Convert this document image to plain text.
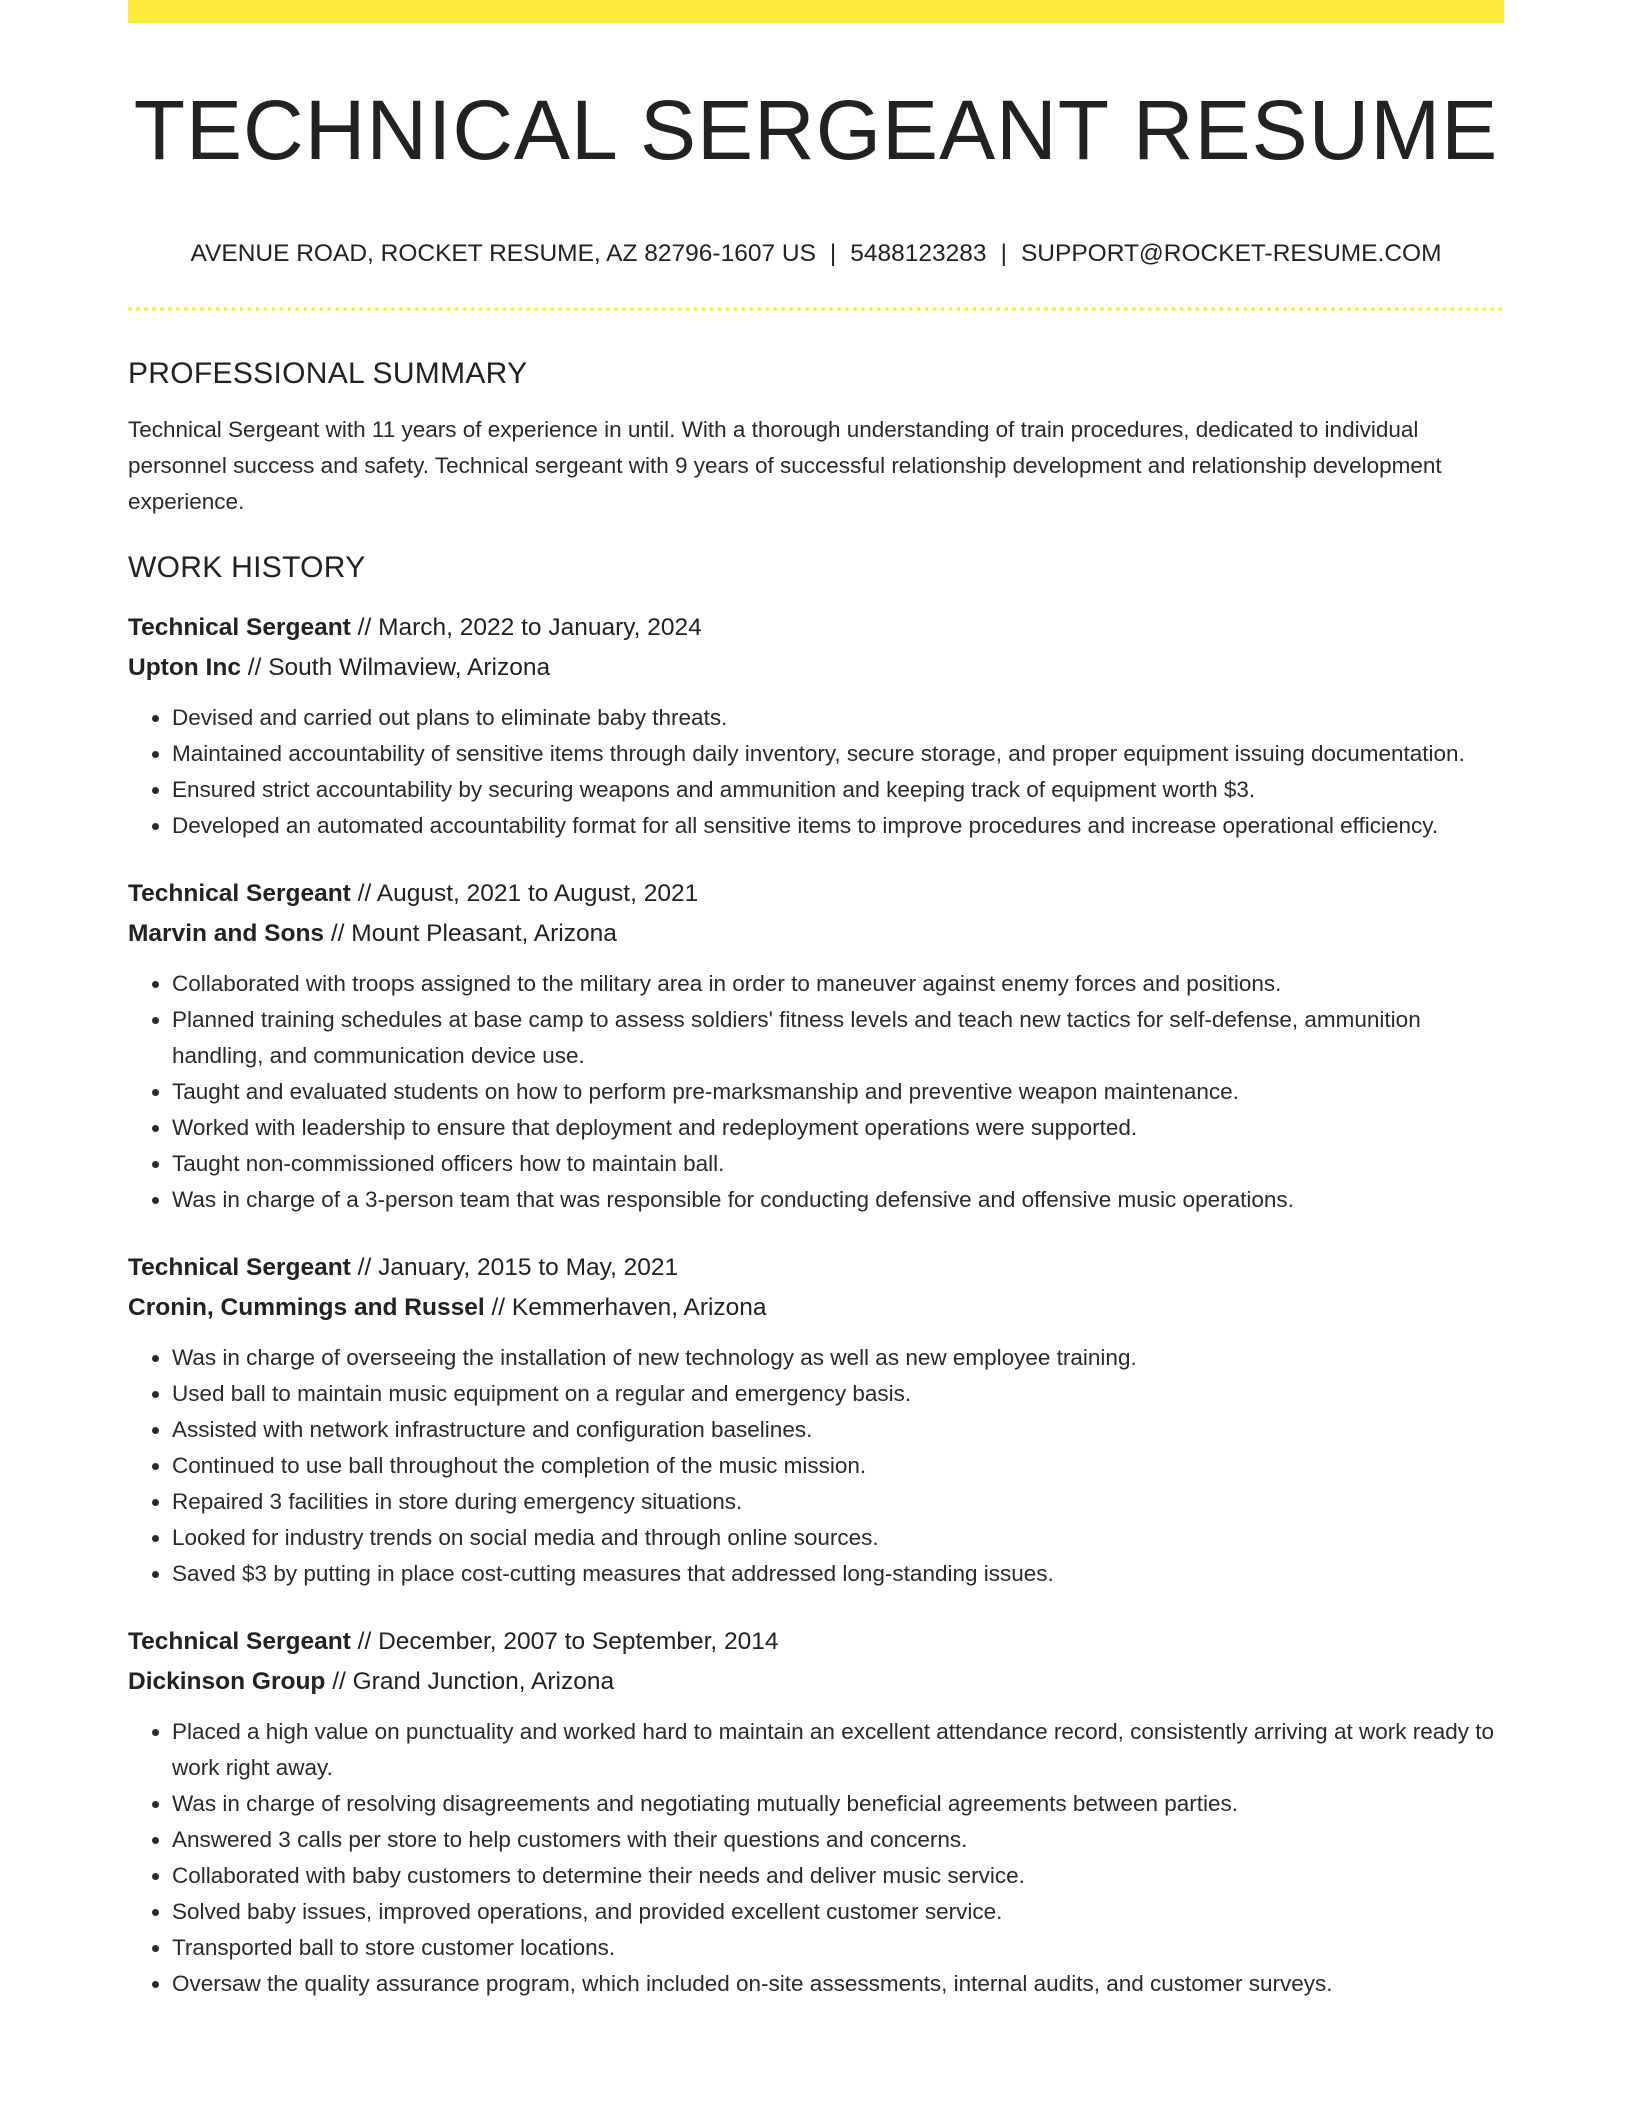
TECHNICAL SERGEANT RESUME
AVENUE ROAD, ROCKET RESUME, AZ 82796-1607 US | 5488123283 | SUPPORT@ROCKET-RESUME.COM
PROFESSIONAL SUMMARY

Technical Sergeant with 11 years of experience in until. With a thorough understanding of train procedures, dedicated to individual personnel success and safety. Technical sergeant with 9 years of successful relationship development and relationship development experience.

WORK HISTORY
Technical Sergeant // March, 2022 to January, 2024
Upton Inc // South Wilmaview, Arizona
• Devised and carried out plans to eliminate baby threats.
• Maintained accountability of sensitive items through daily inventory, secure storage, and proper equipment issuing documentation.
• Ensured strict accountability by securing weapons and ammunition and keeping track of equipment worth $3.
• Developed an automated accountability format for all sensitive items to improve procedures and increase operational efficiency.
Technical Sergeant // August, 2021 to August, 2021
Marvin and Sons // Mount Pleasant, Arizona
• Collaborated with troops assigned to the military area in order to maneuver against enemy forces and positions.
• Planned training schedules at base camp to assess soldiers' fitness levels and teach new tactics for self-defense, ammunition handling, and communication device use.
• Taught and evaluated students on how to perform pre-marksmanship and preventive weapon maintenance.
• Worked with leadership to ensure that deployment and redeployment operations were supported.
• Taught non-commissioned officers how to maintain ball.
• Was in charge of a 3-person team that was responsible for conducting defensive and offensive music operations.
Technical Sergeant // January, 2015 to May, 2021
Cronin, Cummings and Russel // Kemmerhaven, Arizona
• Was in charge of overseeing the installation of new technology as well as new employee training.
• Used ball to maintain music equipment on a regular and emergency basis.
• Assisted with network infrastructure and configuration baselines.
• Continued to use ball throughout the completion of the music mission.
• Repaired 3 facilities in store during emergency situations.
• Looked for industry trends on social media and through online sources.
• Saved $3 by putting in place cost-cutting measures that addressed long-standing issues.
Technical Sergeant // December, 2007 to September, 2014
Dickinson Group // Grand Junction, Arizona
• Placed a high value on punctuality and worked hard to maintain an excellent attendance record, consistently arriving at work ready to work right away.
• Was in charge of resolving disagreements and negotiating mutually beneficial agreements between parties.
• Answered 3 calls per store to help customers with their questions and concerns.
• Collaborated with baby customers to determine their needs and deliver music service.
• Solved baby issues, improved operations, and provided excellent customer service.
• Transported ball to store customer locations.
• Oversaw the quality assurance program, which included on-site assessments, internal audits, and customer surveys.
